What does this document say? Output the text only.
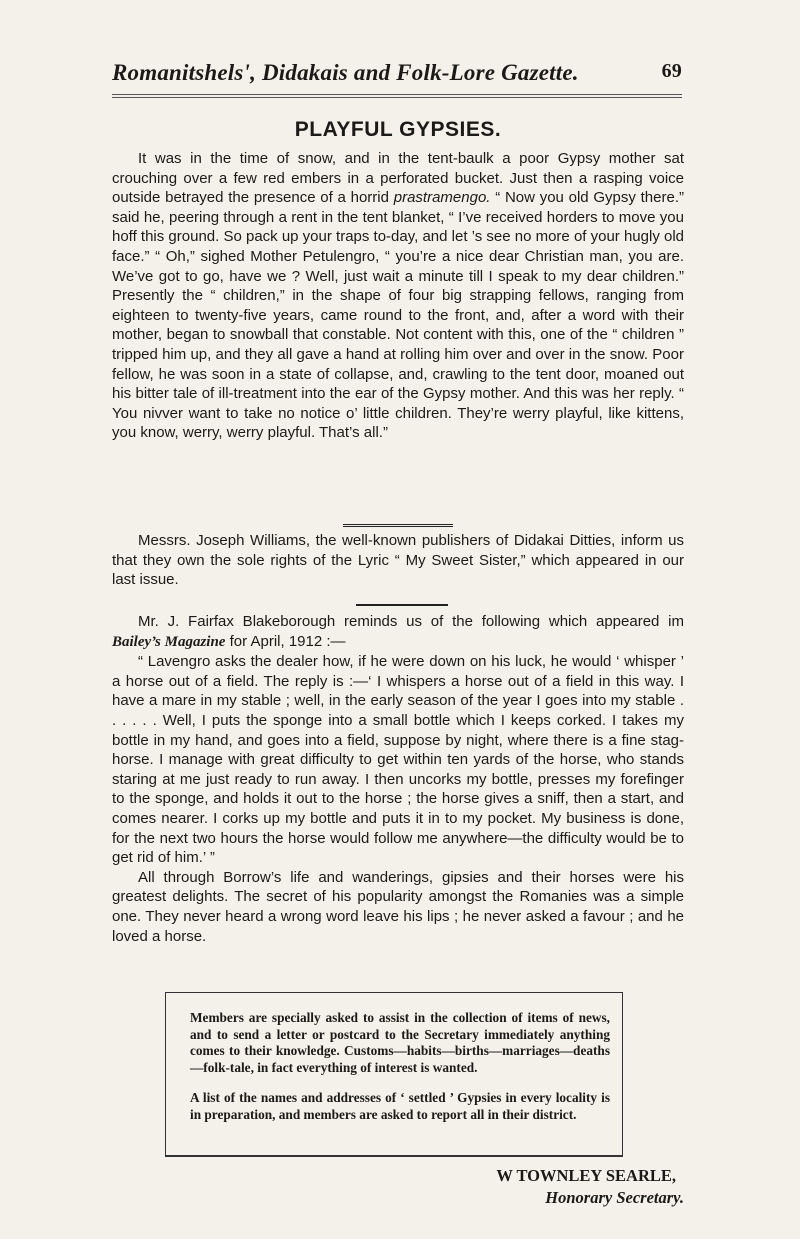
Romanitshels', Didakais and Folk-Lore Gazette.	69
PLAYFUL GYPSIES.

It was in the time of snow, and in the tent-baulk a poor Gypsy mother sat crouching over a few red embers in a perforated bucket. Just then a rasping voice outside betrayed the presence of a horrid prastramengo. “ Now you old Gypsy there.” said he, peering through a rent in the tent blanket, “ I’ve received horders to move you hoff this ground. So pack up your traps to-day, and let ’s see no more of your hugly old face.” “ Oh,” sighed Mother Petulengro, “ you’re a nice dear Christian man, you are. We’ve got to go, have we ? Well, just wait a minute till I speak to my dear children.” Presently the “ children,” in the shape of four big strapping fellows, ranging from eighteen to twenty-five years, came round to the front, and, after a word with their mother, began to snowball that constable. Not content with this, one of the “ children ” tripped him up, and they all gave a hand at rolling him over and over in the snow. Poor fellow, he was soon in a state of collapse, and, crawling to the tent door, moaned out his bitter tale of ill-treatment into the ear of the Gypsy mother. And this was her reply. “ You nivver want to take no notice o’ little children. They’re werry playful, like kittens, you know, werry, werry playful. That’s all.”

Messrs. Joseph Williams, the well-known publishers of Didakai Ditties, inform us that they own the sole rights of the Lyric “ My Sweet Sister,” which appeared in our last issue.

Mr. J. Fairfax Blakeborough reminds us of the following which appeared im Bailey’s Magazine for April, 1912 :—

“ Lavengro asks the dealer how, if he were down on his luck, he would ‘ whisper ’ a horse out of a field. The reply is :—‘ I whispers a horse out of a field in this way. I have a mare in my stable ; well, in the early season of the year I goes into my stable . . . . . . Well, I puts the sponge into a small bottle which I keeps corked. I takes my bottle in my hand, and goes into a field, suppose by night, where there is a fine stag-horse. I manage with great difficulty to get within ten yards of the horse, who stands staring at me just ready to run away. I then uncorks my bottle, presses my forefinger to the sponge, and holds it out to the horse ; the horse gives a sniff, then a start, and comes nearer. I corks up my bottle and puts it in to my pocket. My business is done, for the next two hours the horse would follow me anywhere—the difficulty would be to get rid of him.’ ”

All through Borrow’s life and wanderings, gipsies and their horses were his greatest delights. The secret of his popularity amongst the Romanies was a simple one. They never heard a wrong word leave his lips ; he never asked a favour ; and he loved a horse.

Members are specially asked to assist in the collection of items of news, and to send a letter or postcard to the Secretary immediately anything comes to their knowledge. Customs—habits—births—marriages—deaths—folk-tale, in fact everything of interest is wanted.

A list of the names and addresses of ‘ settled ’ Gypsies in every locality is in preparation, and members are asked to report all in their district.

W TOWNLEY SEARLE,
Honorary Secretary.
